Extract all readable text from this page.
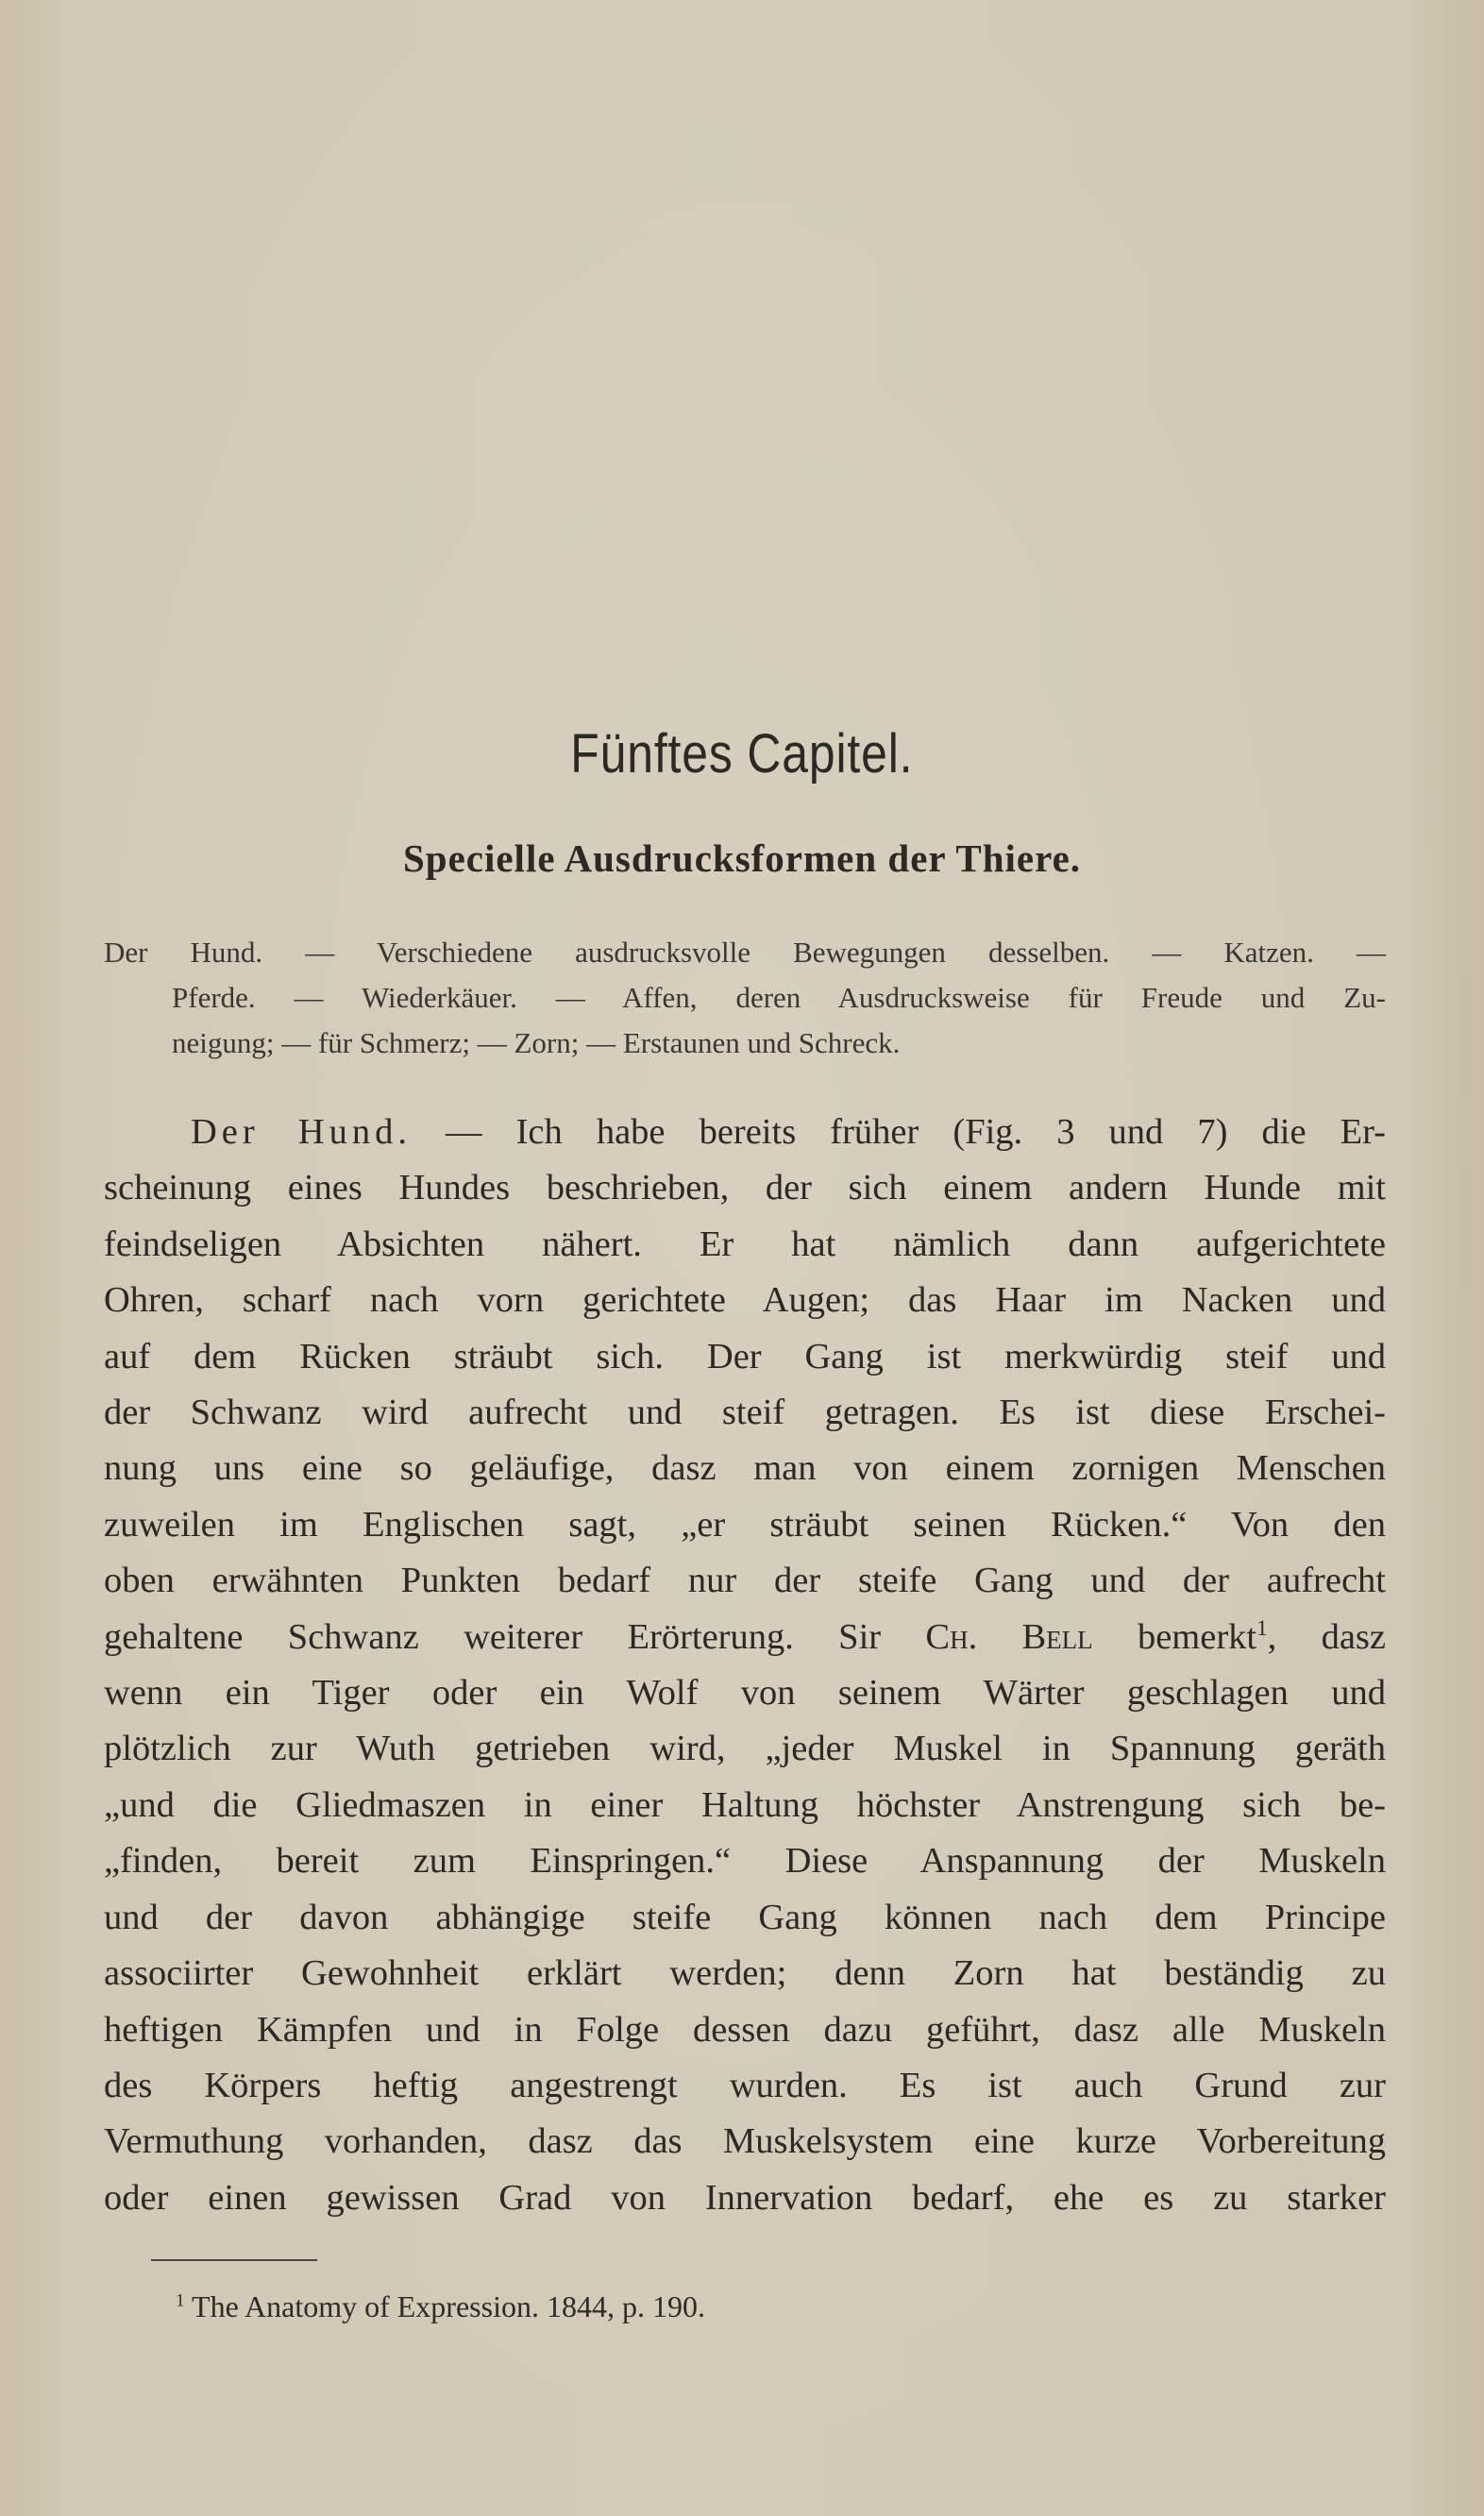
Fünftes Capitel.
Specielle Ausdrucksformen der Thiere.
Der Hund. — Verschiedene ausdrucksvolle Bewegungen desselben. — Katzen. —
Pferde. — Wiederkäuer. — Affen, deren Ausdrucksweise für Freude und Zu-
neigung; — für Schmerz; — Zorn; — Erstaunen und Schreck.
Der Hund. — Ich habe bereits früher (Fig. 3 und 7) die Er-
scheinung eines Hundes beschrieben, der sich einem andern Hunde mit
feindseligen Absichten nähert. Er hat nämlich dann aufgerichtete
Ohren, scharf nach vorn gerichtete Augen; das Haar im Nacken und
auf dem Rücken sträubt sich. Der Gang ist merkwürdig steif und
der Schwanz wird aufrecht und steif getragen. Es ist diese Erschei-
nung uns eine so geläufige, dasz man von einem zornigen Menschen
zuweilen im Englischen sagt, „er sträubt seinen Rücken.“ Von den
oben erwähnten Punkten bedarf nur der steife Gang und der aufrecht
gehaltene Schwanz weiterer Erörterung. Sir Ch. Bell bemerkt$^1$, dasz
wenn ein Tiger oder ein Wolf von seinem Wärter geschlagen und
plötzlich zur Wuth getrieben wird, „jeder Muskel in Spannung geräth
„und die Gliedmaszen in einer Haltung höchster Anstrengung sich be-
„finden, bereit zum Einspringen.“ Diese Anspannung der Muskeln
und der davon abhängige steife Gang können nach dem Principe
associirter Gewohnheit erklärt werden; denn Zorn hat beständig zu
heftigen Kämpfen und in Folge dessen dazu geführt, dasz alle Muskeln
des Körpers heftig angestrengt wurden. Es ist auch Grund zur
Vermuthung vorhanden, dasz das Muskelsystem eine kurze Vorbereitung
oder einen gewissen Grad von Innervation bedarf, ehe es zu starker
$^1$ The Anatomy of Expression. 1844, p. 190.
